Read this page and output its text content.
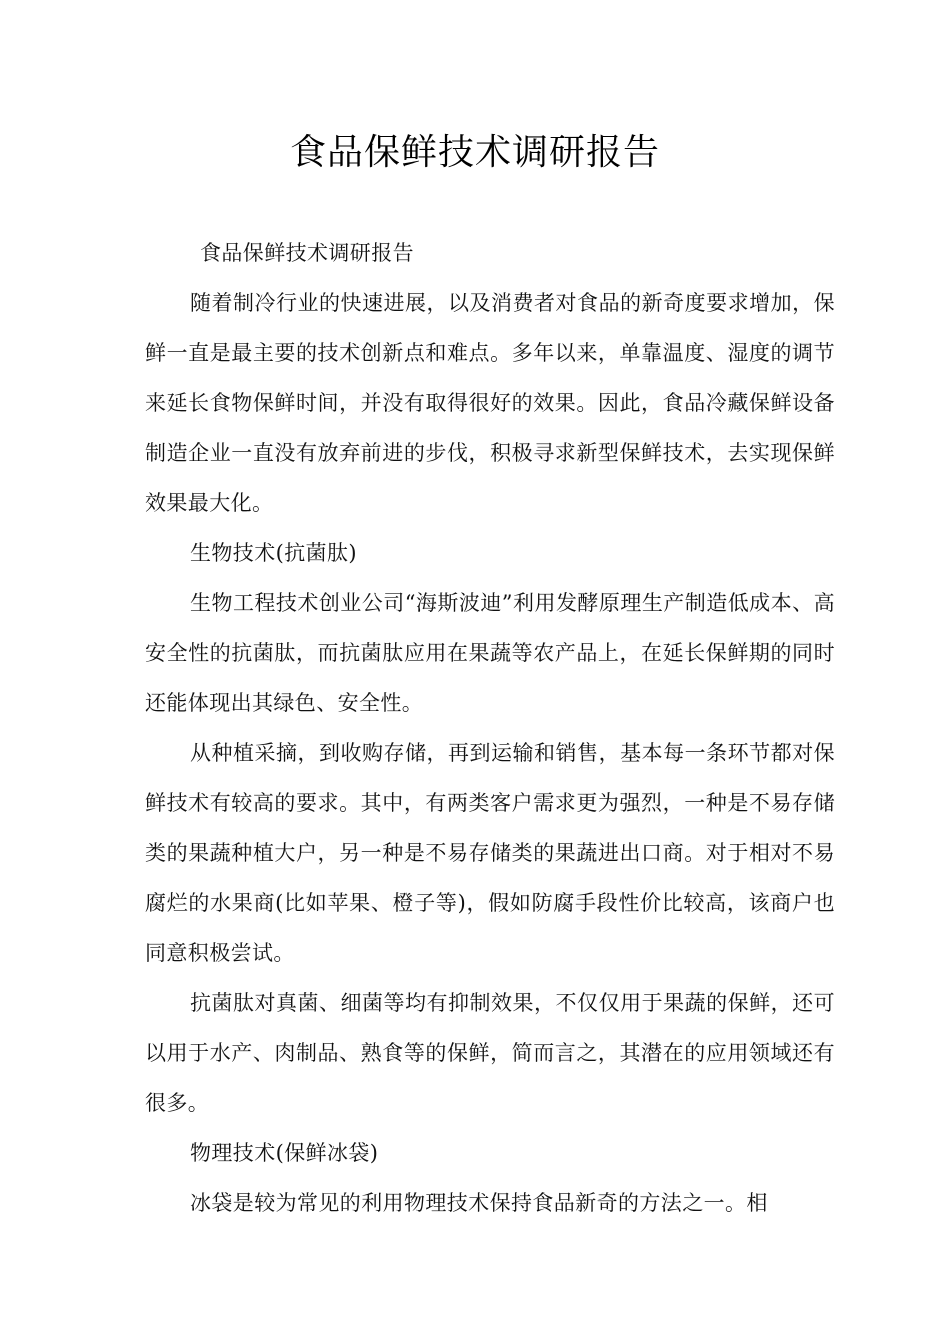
食品保鲜技术调研报告

食品保鲜技术调研报告

随着制冷行业的快速进展，以及消费者对食品的新奇度要求增加，保鲜一直是最主要的技术创新点和难点。多年以来，单靠温度、湿度的调节来延长食物保鲜时间，并没有取得很好的效果。因此，食品冷藏保鲜设备制造企业一直没有放弃前进的步伐，积极寻求新型保鲜技术，去实现保鲜效果最大化。

生物技术(抗菌肽)

生物工程技术创业公司“海斯波迪”利用发酵原理生产制造低成本、高安全性的抗菌肽，而抗菌肽应用在果蔬等农产品上，在延长保鲜期的同时还能体现出其绿色、安全性。

从种植采摘，到收购存储，再到运输和销售，基本每一条环节都对保鲜技术有较高的要求。其中，有两类客户需求更为强烈，一种是不易存储类的果蔬种植大户，另一种是不易存储类的果蔬进出口商。对于相对不易腐烂的水果商(比如苹果、橙子等)，假如防腐手段性价比较高，该商户也同意积极尝试。

抗菌肽对真菌、细菌等均有抑制效果，不仅仅用于果蔬的保鲜，还可以用于水产、肉制品、熟食等的保鲜，简而言之，其潜在的应用领域还有很多。

物理技术(保鲜冰袋)

冰袋是较为常见的利用物理技术保持食品新奇的方法之一。相
